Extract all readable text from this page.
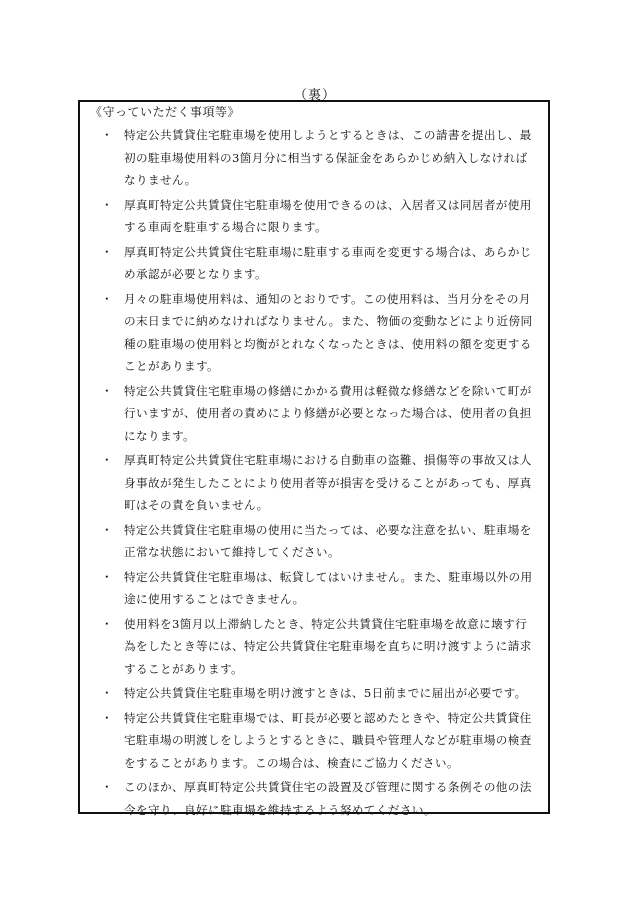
（裏）
《守っていただく事項等》
・ 特定公共賃貸住宅駐車場を使用しようとするときは、この請書を提出し、最初の駐車場使用料の3箇月分に相当する保証金をあらかじめ納入しなければなりません。
・ 厚真町特定公共賃貸住宅駐車場を使用できるのは、入居者又は同居者が使用する車両を駐車する場合に限ります。
・ 厚真町特定公共賃貸住宅駐車場に駐車する車両を変更する場合は、あらかじめ承認が必要となります。
・ 月々の駐車場使用料は、通知のとおりです。この使用料は、当月分をその月の末日までに納めなければなりません。また、物価の変動などにより近傍同種の駐車場の使用料と均衡がとれなくなったときは、使用料の額を変更することがあります。
・ 特定公共賃貸住宅駐車場の修繕にかかる費用は軽微な修繕などを除いて町が行いますが、使用者の責めにより修繕が必要となった場合は、使用者の負担になります。
・ 厚真町特定公共賃貸住宅駐車場における自動車の盗難、損傷等の事故又は人身事故が発生したことにより使用者等が損害を受けることがあっても、厚真町はその責を負いません。
・ 特定公共賃貸住宅駐車場の使用に当たっては、必要な注意を払い、駐車場を正常な状態において維持してください。
・ 特定公共賃貸住宅駐車場は、転貸してはいけません。また、駐車場以外の用途に使用することはできません。
・ 使用料を3箇月以上滞納したとき、特定公共賃貸住宅駐車場を故意に壊す行為をしたとき等には、特定公共賃貸住宅駐車場を直ちに明け渡すように請求することがあります。
・ 特定公共賃貸住宅駐車場を明け渡すときは、5日前までに届出が必要です。
・ 特定公共賃貸住宅駐車場では、町長が必要と認めたときや、特定公共賃貸住宅駐車場の明渡しをしようとするときに、職員や管理人などが駐車場の検査をすることがあります。この場合は、検査にご協力ください。
・ このほか、厚真町特定公共賃貸住宅の設置及び管理に関する条例その他の法令を守り、良好に駐車場を維持するよう努めてください。
